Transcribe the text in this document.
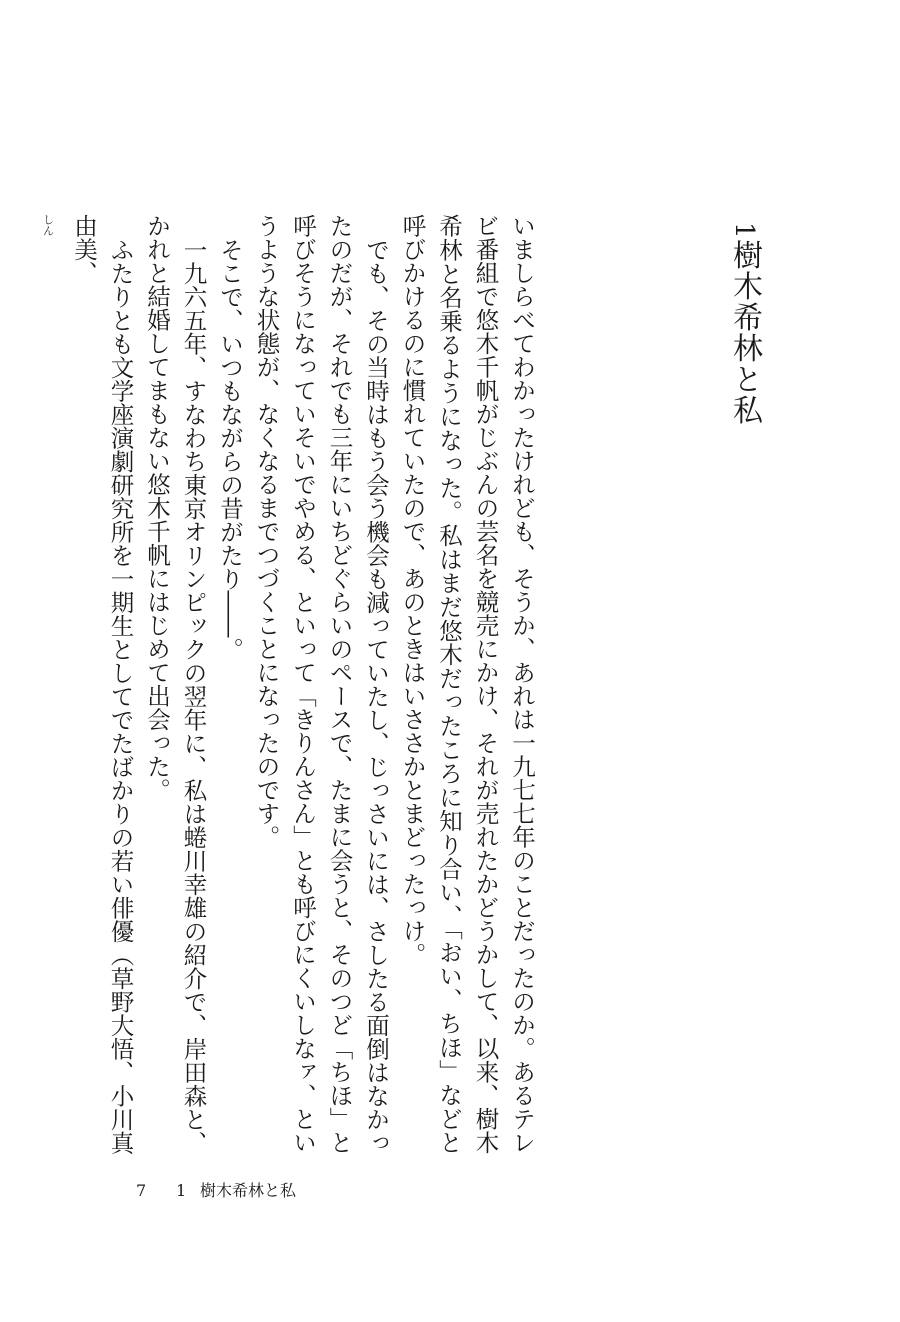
1樹木希林と私

いましらべてわかったけれども、そうか、あれは一九七七年のことだったのか。あるテレビ番組で悠木千帆がじぶんの芸名を競売にかけ、それが売れたかどうかして、以来、樹木希林と名乗るようになった。私はまだ悠木だったころに知り合い、「おい、ちほ」などと呼びかけるのに慣れていたので、あのときはいささかとまどったっけ。

でも、その当時はもう会う機会も減っていたし、じっさいには、さしたる面倒はなかったのだが、それでも三年にいちどぐらいのペースで、たまに会うと、そのつど「ちほ」と呼びそうになっていそいでやめる、といって「きりんさん」とも呼びにくいしなァ、というような状態が、なくなるまでつづくことになったのです。

そこで、いつもながらの昔がたり――。

一九六五年、すなわち東京オリンピックの翌年に、私は蜷川幸雄の紹介で、岸田森と、かれと結婚してまもない悠木千帆にはじめて出会った。

ふたりとも文学座演劇研究所を一期生としてでたばかりの若い俳優（草野大悟、小川真由美、

しん
7 1 樹木希林と私
